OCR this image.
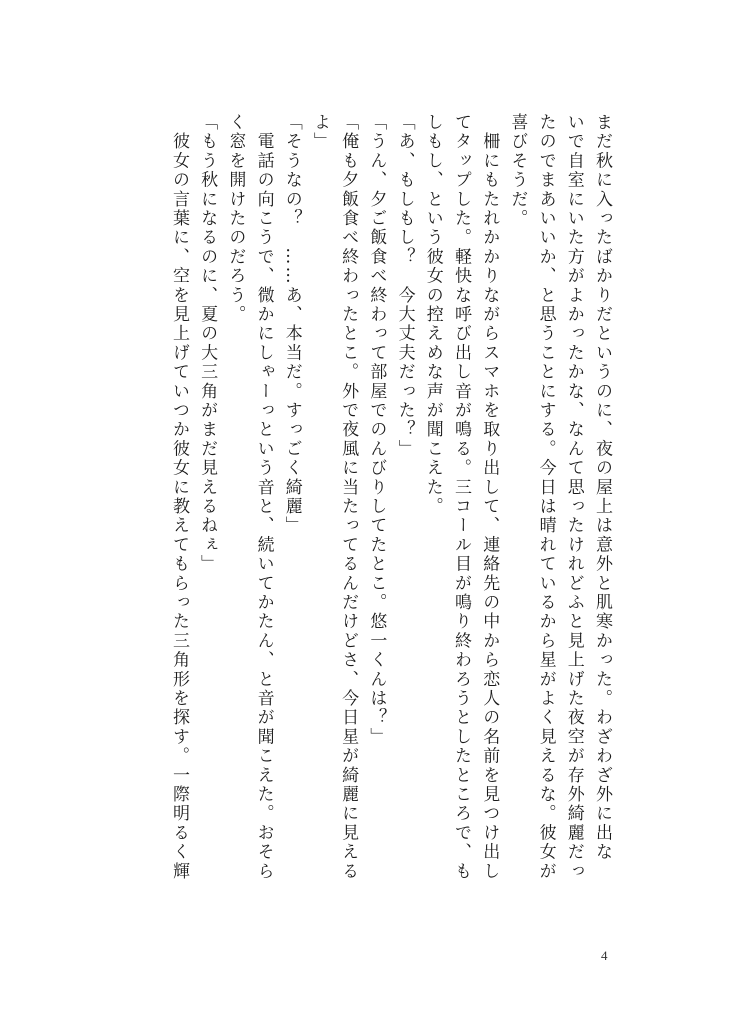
まだ秋に入ったばかりだというのに、夜の屋上は意外と肌寒かった。わざわざ外に出な

いで自室にいた方がよかったかな、なんて思ったけれどふと見上げた夜空が存外綺麗だっ

たのでまあいいか、と思うことにする。今日は晴れているから星がよく見えるな。彼女が

喜びそうだ。

　柵にもたれかかりながらスマホを取り出して、連絡先の中から恋人の名前を見つけ出し

てタップした。軽快な呼び出し音が鳴る。三コール目が鳴り終わろうとしたところで、も

しもし、という彼女の控えめな声が聞こえた。

「あ、もしもし？　今大丈夫だった？」

「うん、夕ご飯食べ終わって部屋でのんびりしてたとこ。悠一くんは？」

「俺も夕飯食べ終わったとこ。外で夜風に当たってるんだけどさ、今日星が綺麗に見える

よ」

「そうなの？　……あ、本当だ。すっごく綺麗」

　電話の向こうで、微かにしゃーっという音と、続いてかたん、と音が聞こえた。おそら

く窓を開けたのだろう。

「もう秋になるのに、夏の大三角がまだ見えるねぇ」

　彼女の言葉に、空を見上げていつか彼女に教えてもらった三角形を探す。一際明るく輝

4
